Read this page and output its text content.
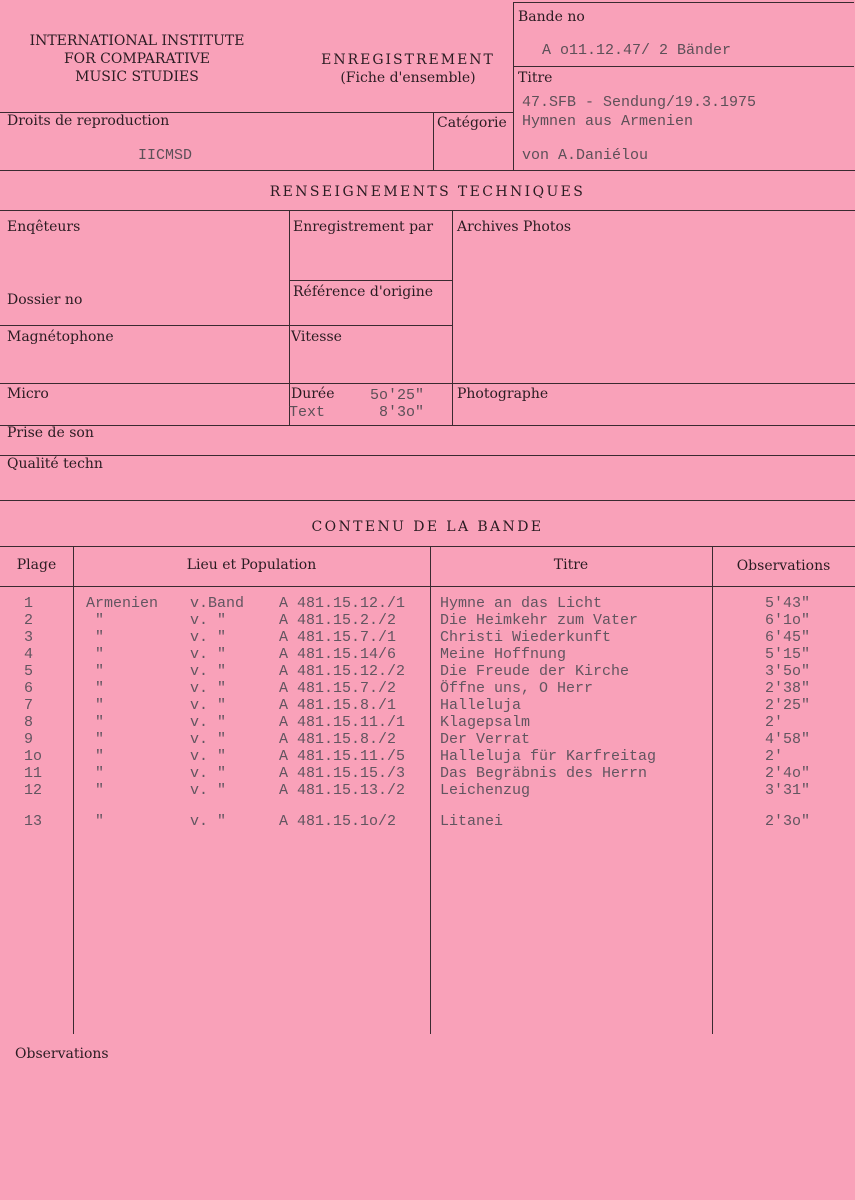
INTERNATIONAL INSTITUTE
FOR COMPARATIVE
MUSIC STUDIES
ENREGISTREMENT
(Fiche d'ensemble)
Bande no
A o11.12.47/ 2 Bänder
Titre
47.SFB - Sendung/19.3.1975
Hymnen aus Armenien
von A.Daniélou
Droits de reproduction
IICMSD
Catégorie
RENSEIGNEMENTS TECHNIQUES
Enqêteurs	Enregistrement par Archives Photos
Dossier no	Référence d'origine
Magnétophone	Vitesse
Micro	Durée 5o'25"
Text	8'3o"
Photographe
Prise de son
Qualité techn
CONTENU DE LA BANDE
Plage	Lieu et Population	Titre	Observations
1	Armenien v.Band A 481.15.12./1 Hymne an das Licht	5'43"
2	"	v. "	A 481.15.2./2	Die Heimkehr zum Vater	6'1o"
3	"	v. "	A 481.15.7./1	Christi Wiederkunft	6'45"
4	"	v. "	A 481.15.14/6	Meine Hoffnung	5'15"
5	"	v. "	A 481.15.12./2 Die Freude der Kirche	3'5o"
6	"	v. "	A 481.15.7./2	Öffne uns, O Herr	2'38"
7	"	v. "	A 481.15.8./1	Halleluja	2'25"
8	"	v. "	A 481.15.11./1 Klagepsalm	2'
9	"	v. "	A 481.15.8./2	Der Verrat	4'58"
1o	"	v. "	A 481.15.11./5 Halleluja für Karfreitag	2'
11	"	v. "	A 481.15.15./3 Das Begräbnis des Herrn	2'4o"
12	"	v. "	A 481.15.13./2 Leichenzug	3'31"
13	"	v. "	A 481.15.1o/2	Litanei	2'3o"
Observations
